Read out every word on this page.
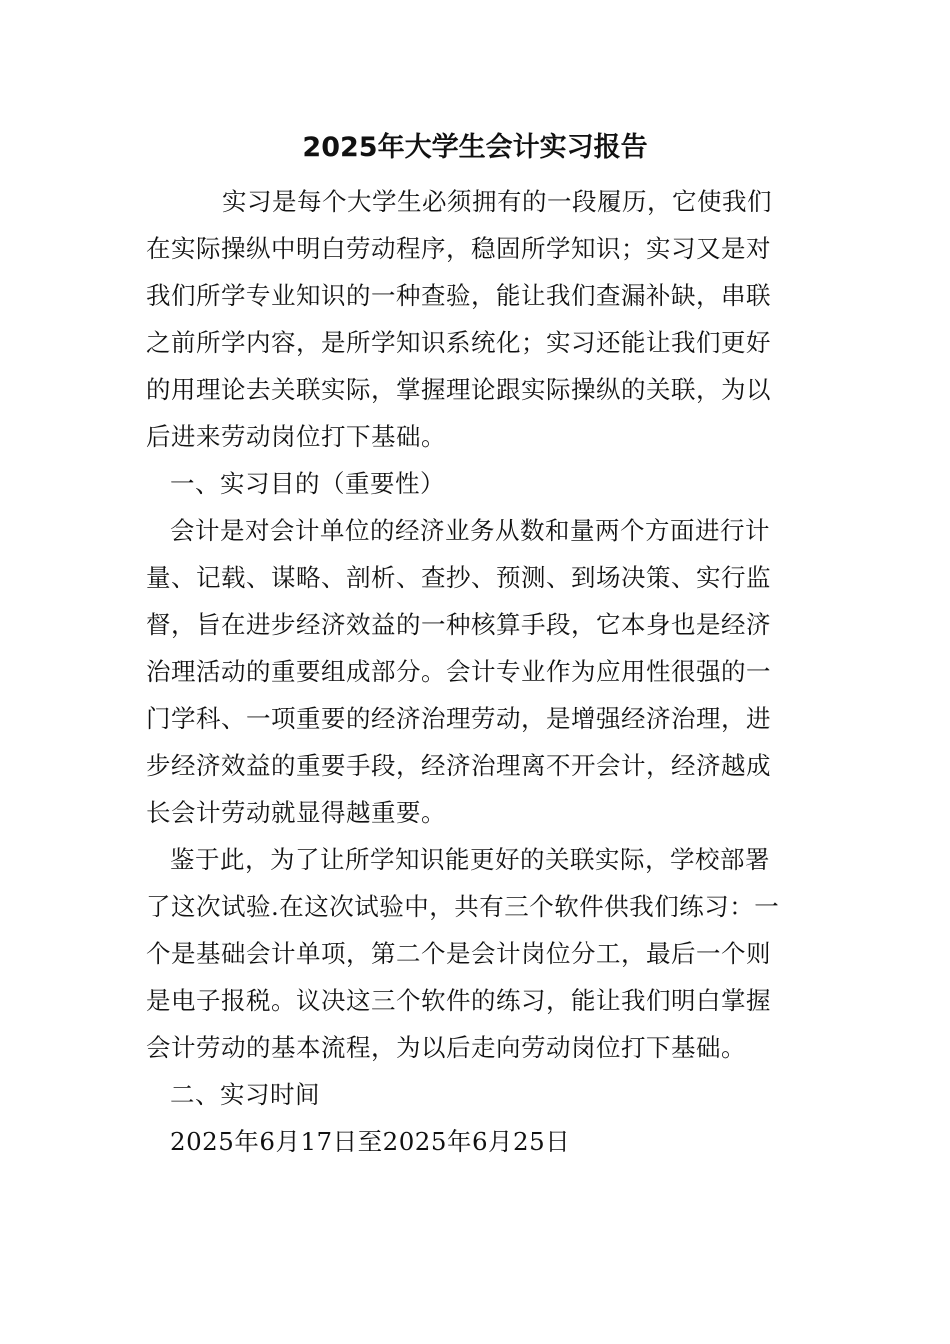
2025年大学生会计实习报告

实习是每个大学生必须拥有的一段履历，它使我们在实际操纵中明白劳动程序，稳固所学知识；实习又是对我们所学专业知识的一种查验，能让我们查漏补缺，串联之前所学内容，是所学知识系统化；实习还能让我们更好的用理论去关联实际，掌握理论跟实际操纵的关联，为以后进来劳动岗位打下基础。

一、实习目的（重要性）

会计是对会计单位的经济业务从数和量两个方面进行计量、记载、谋略、剖析、查抄、预测、到场决策、实行监督，旨在进步经济效益的一种核算手段，它本身也是经济治理活动的重要组成部分。会计专业作为应用性很强的一门学科、一项重要的经济治理劳动，是增强经济治理，进步经济效益的重要手段，经济治理离不开会计，经济越成长会计劳动就显得越重要。

鉴于此，为了让所学知识能更好的关联实际，学校部署了这次试验.在这次试验中，共有三个软件供我们练习：一个是基础会计单项，第二个是会计岗位分工，最后一个则是电子报税。议决这三个软件的练习，能让我们明白掌握会计劳动的基本流程，为以后走向劳动岗位打下基础。

二、实习时间

2025年6月17日至2025年6月25日
